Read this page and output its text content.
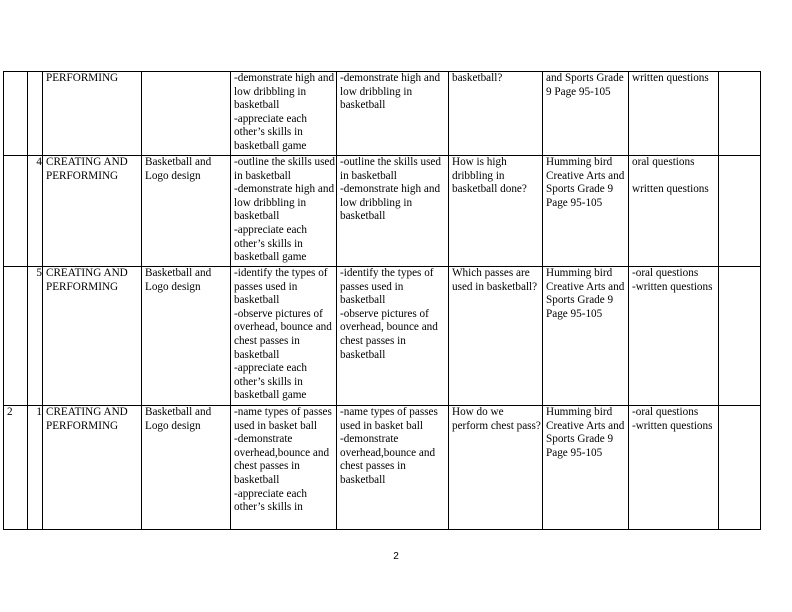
		PERFORMING		-demonstrate high and low dribbling in basketball
-appreciate each other’s skills in basketball game	-demonstrate high and low dribbling in basketball	basketball?	and Sports Grade 9 Page 95-105	written questions	
	4	CREATING AND PERFORMING	Basketball and Logo design	-outline the skills used in basketball
-demonstrate high and low dribbling in basketball
-appreciate each other’s skills in basketball game	-outline the skills used in basketball
-demonstrate high and low dribbling in basketball	How is high dribbling in basketball done?	Humming bird Creative Arts and Sports Grade 9 Page 95-105	oral questions

written questions	
	5	CREATING AND PERFORMING	Basketball and Logo design	-identify the types of passes used in basketball
-observe pictures of overhead, bounce and chest passes in basketball
-appreciate each other’s skills in basketball game	-identify the types of passes used in basketball
-observe pictures of overhead, bounce and chest passes in basketball	Which passes are used in basketball?	Humming bird Creative Arts and Sports Grade 9 Page 95-105	-oral questions
-written questions	
2	1	CREATING AND PERFORMING	Basketball and Logo design	-name types of passes used in basket ball
-demonstrate overhead,bounce and chest passes in basketball
-appreciate each other’s skills in	-name types of passes used in basket ball
-demonstrate overhead,bounce and chest passes in basketball	How do we perform chest pass?	Humming bird Creative Arts and Sports Grade 9 Page 95-105	-oral questions
-written questions	
2
